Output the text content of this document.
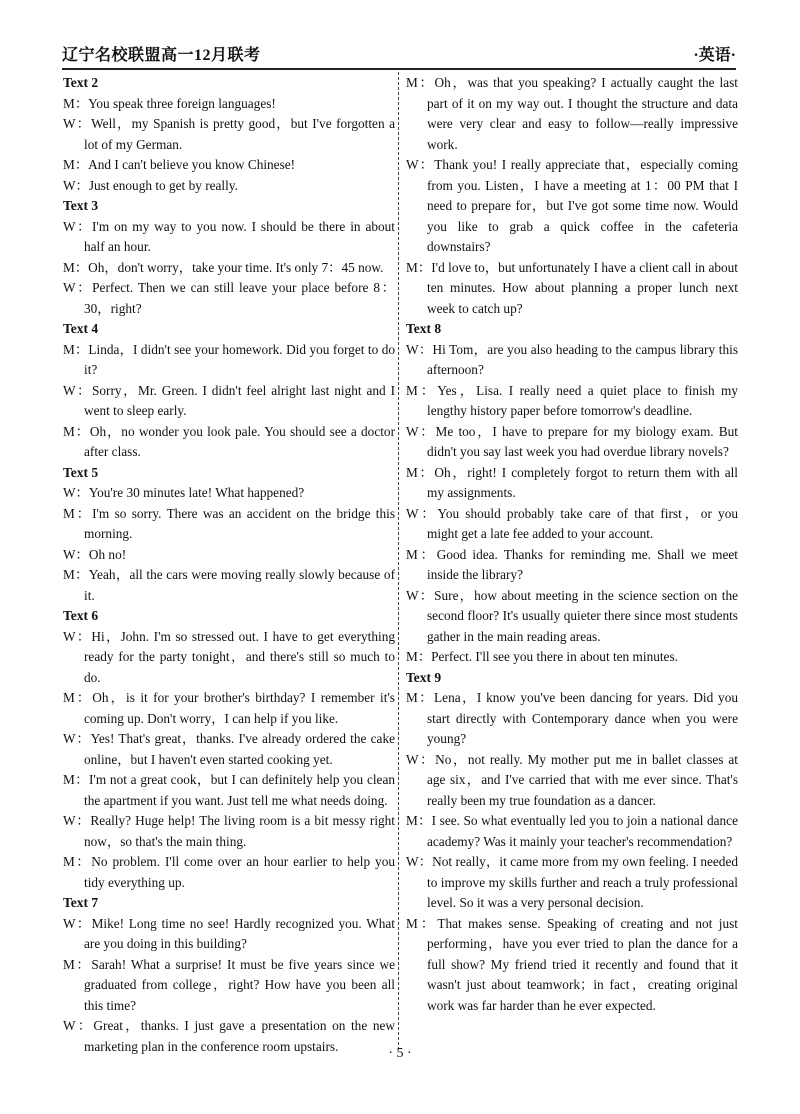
辽宁名校联盟高一12月联考	·英语·
Text 2
M：You speak three foreign languages!
W：Well，my Spanish is pretty good，but I've forgotten a lot of my German.
M：And I can't believe you know Chinese!
W：Just enough to get by really.
Text 3
W：I'm on my way to you now. I should be there in about half an hour.
M：Oh，don't worry，take your time. It's only 7：45 now.
W：Perfect. Then we can still leave your place before 8：30，right?
Text 4
M：Linda，I didn't see your homework. Did you forget to do it?
W：Sorry，Mr. Green. I didn't feel alright last night and I went to sleep early.
M：Oh，no wonder you look pale. You should see a doctor after class.
Text 5
W：You're 30 minutes late! What happened?
M：I'm so sorry. There was an accident on the bridge this morning.
W：Oh no!
M：Yeah，all the cars were moving really slowly because of it.
Text 6
W：Hi，John. I'm so stressed out. I have to get everything ready for the party tonight，and there's still so much to do.
M：Oh，is it for your brother's birthday? I remember it's coming up. Don't worry，I can help if you like.
W：Yes! That's great，thanks. I've already ordered the cake online，but I haven't even started cooking yet.
M：I'm not a great cook，but I can definitely help you clean the apartment if you want. Just tell me what needs doing.
W：Really? Huge help! The living room is a bit messy right now，so that's the main thing.
M：No problem. I'll come over an hour earlier to help you tidy everything up.
Text 7
W：Mike! Long time no see! Hardly recognized you. What are you doing in this building?
M：Sarah! What a surprise! It must be five years since we graduated from college，right? How have you been all this time?
W：Great，thanks. I just gave a presentation on the new marketing plan in the conference room upstairs.
M：Oh，was that you speaking? I actually caught the last part of it on my way out. I thought the structure and data were very clear and easy to follow—really impressive work.
W：Thank you! I really appreciate that，especially coming from you. Listen，I have a meeting at 1：00 PM that I need to prepare for，but I've got some time now. Would you like to grab a quick coffee in the cafeteria downstairs?
M：I'd love to，but unfortunately I have a client call in about ten minutes. How about planning a proper lunch next week to catch up?
Text 8
W：Hi Tom，are you also heading to the campus library this afternoon?
M：Yes，Lisa. I really need a quiet place to finish my lengthy history paper before tomorrow's deadline.
W：Me too，I have to prepare for my biology exam. But didn't you say last week you had overdue library novels?
M：Oh，right! I completely forgot to return them with all my assignments.
W：You should probably take care of that first，or you might get a late fee added to your account.
M：Good idea. Thanks for reminding me. Shall we meet inside the library?
W：Sure，how about meeting in the science section on the second floor? It's usually quieter there since most students gather in the main reading areas.
M：Perfect. I'll see you there in about ten minutes.
Text 9
M：Lena，I know you've been dancing for years. Did you start directly with Contemporary dance when you were young?
W：No，not really. My mother put me in ballet classes at age six，and I've carried that with me ever since. That's really been my true foundation as a dancer.
M：I see. So what eventually led you to join a national dance academy? Was it mainly your teacher's recommendation?
W：Not really，it came more from my own feeling. I needed to improve my skills further and reach a truly professional level. So it was a very personal decision.
M：That makes sense. Speaking of creating and not just performing，have you ever tried to plan the dance for a full show? My friend tried it recently and found that it wasn't just about teamwork；in fact，creating original work was far harder than he ever expected.
· 5 ·
